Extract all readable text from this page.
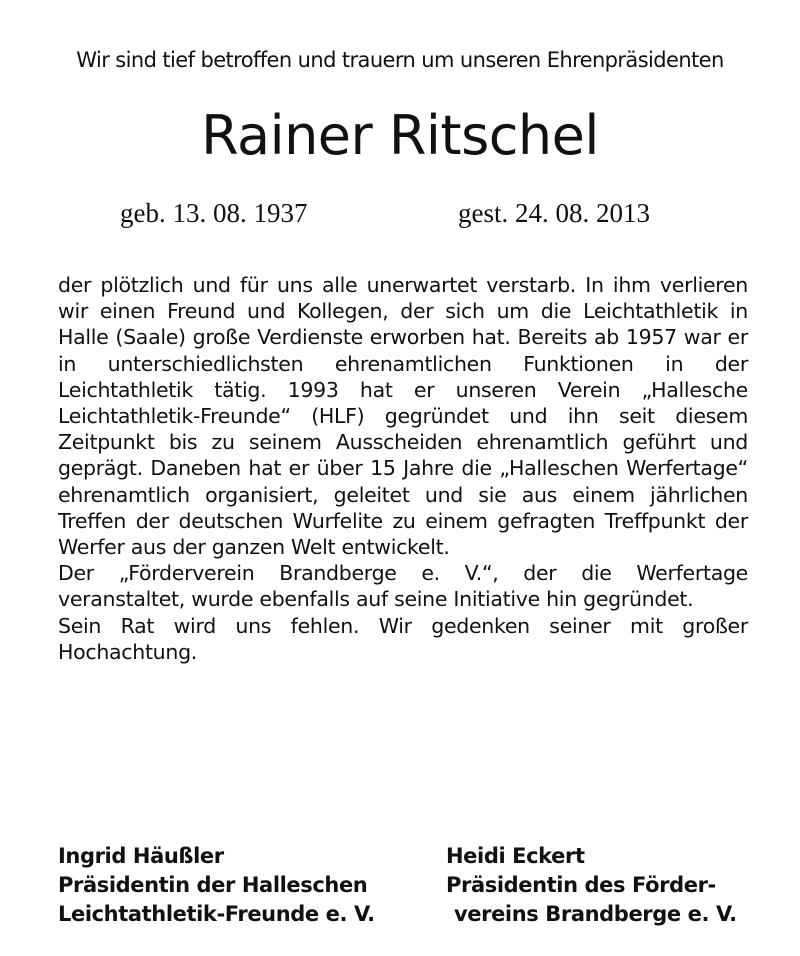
Wir sind tief betroffen und trauern um unseren Ehrenpräsidenten
Rainer Ritschel
geb. 13. 08. 1937	gest. 24. 08. 2013

der plötzlich und für uns alle unerwartet verstarb. In ihm verlieren wir einen Freund und Kollegen, der sich um die Leichtathletik in Halle (Saale) große Verdienste erworben hat. Bereits ab 1957 war er in unterschiedlichsten ehrenamtlichen Funktionen in der Leichtathletik tätig. 1993 hat er unseren Verein „Hallesche Leichtathletik-Freunde“ (HLF) gegründet und ihn seit diesem Zeitpunkt bis zu seinem Ausscheiden ehrenamtlich geführt und geprägt. Daneben hat er über 15 Jahre die „Halleschen Werfertage“ ehrenamtlich organisiert, geleitet und sie aus einem jährlichen Treffen der deutschen Wurfelite zu einem gefragten Treffpunkt der Werfer aus der ganzen Welt entwickelt.

Der „Förderverein Brandberge e. V.“, der die Werfertage veranstaltet, wurde ebenfalls auf seine Initiative hin gegründet.

Sein Rat wird uns fehlen. Wir gedenken seiner mit großer Hochachtung.

Ingrid Häußler
Präsidentin der Halleschen
Leichtathletik-Freunde e. V.
Heidi Eckert
Präsidentin des Förder-
vereins Brandberge e. V.
